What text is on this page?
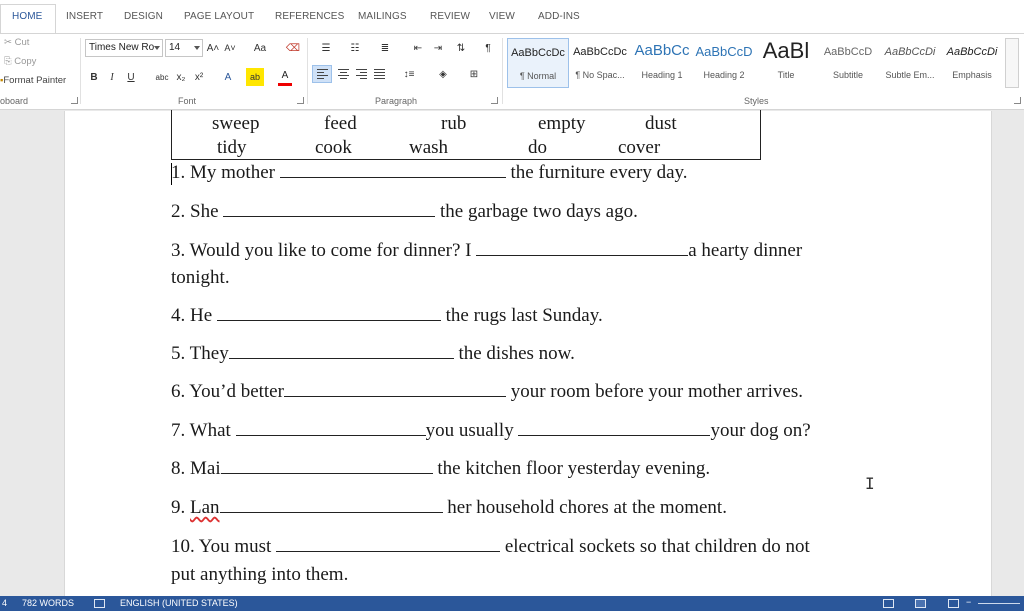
HOME INSERT DESIGN PAGE LAYOUT REFERENCES MAILINGS REVIEW VIEW ADD-INS
✂ Cut
⎘ Copy
▪Format Painter
oboard
Times New Ro	14	A˄ A˅	Aa	⌫
B	I	U	abc x₂ x²	A	ab	A
Font
☰	☷	≣	⇤	⇥	⇅	¶
↕≡	◈	⊞
Paragraph
AaBbCcDc
¶ Normal
AaBbCcDc
¶ No Spac...
AaBbCc
Heading 1
AaBbCcD
Heading 2
AaBl
Title
AaBbCcD
Subtitle
AaBbCcDi
Subtle Em...
AaBbCcDi
Emphasis
Styles
sweep	feed	rub	empty	dust
tidy	cook	wash	do	cover
1. My mother	the furniture every day.
2. She	the garbage two days ago.
3. Would you like to come for dinner? I	a hearty dinner
tonight.
4. He	the rugs last Sunday.
5. They	the dishes now.
6. You’d better	your room before your mother arrives.
7. What	you usually	your dog on?
8. Mai	the kitchen floor yesterday evening.
9. Lan	her household chores at the moment.
10. You must	electrical sockets so that children do not
put anything into them.
I
4 782 WORDS	ENGLISH (UNITED STATES)	−
